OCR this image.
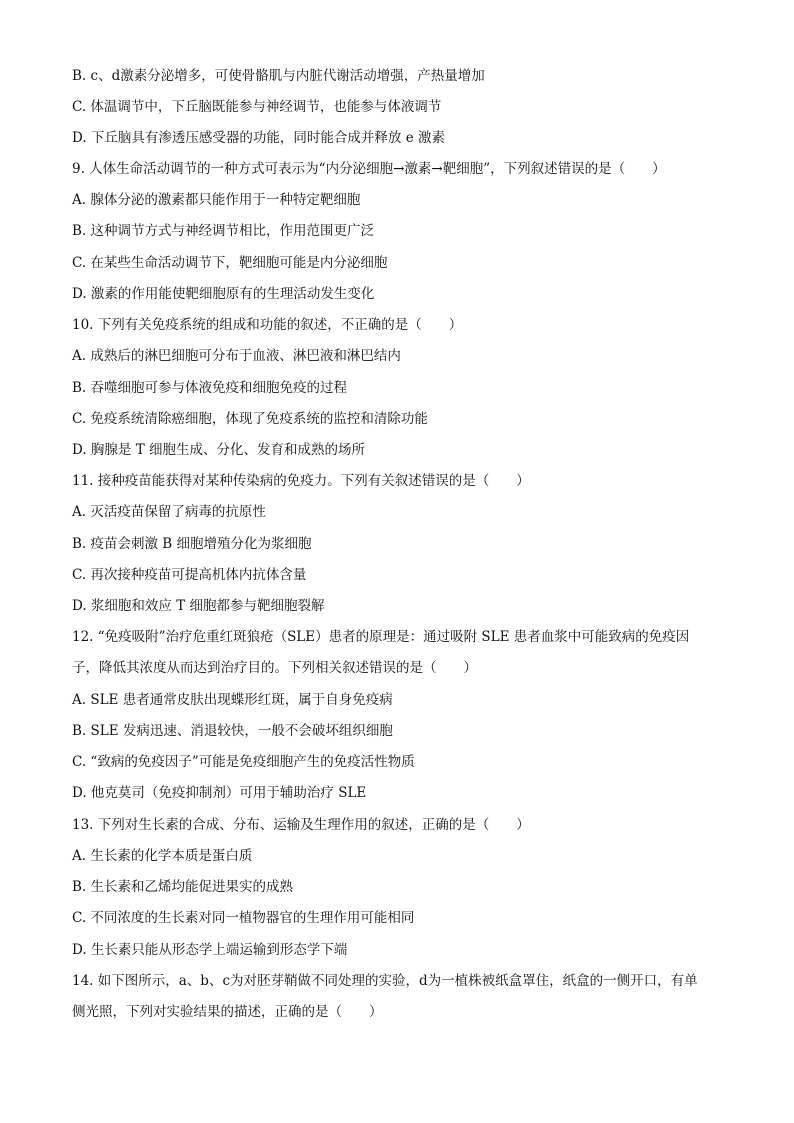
B. c、d激素分泌增多，可使骨骼肌与内脏代谢活动增强，产热量增加
C. 体温调节中，下丘脑既能参与神经调节，也能参与体液调节
D. 下丘脑具有渗透压感受器的功能，同时能合成并释放 e 激素
9. 人体生命活动调节的一种方式可表示为“内分泌细胞→激素→靶细胞”，下列叙述错误的是（　　）
A. 腺体分泌的激素都只能作用于一种特定靶细胞
B. 这种调节方式与神经调节相比，作用范围更广泛
C. 在某些生命活动调节下，靶细胞可能是内分泌细胞
D. 激素的作用能使靶细胞原有的生理活动发生变化
10. 下列有关免疫系统的组成和功能的叙述，不正确的是（　　）
A. 成熟后的淋巴细胞可分布于血液、淋巴液和淋巴结内
B. 吞噬细胞可参与体液免疫和细胞免疫的过程
C. 免疫系统清除癌细胞，体现了免疫系统的监控和清除功能
D. 胸腺是 T 细胞生成、分化、发育和成熟的场所
11. 接种疫苗能获得对某种传染病的免疫力。下列有关叙述错误的是（　　）
A. 灭活疫苗保留了病毒的抗原性
B. 疫苗会刺激 B 细胞增殖分化为浆细胞
C. 再次接种疫苗可提高机体内抗体含量
D. 浆细胞和效应 T 细胞都参与靶细胞裂解
12. “免疫吸附”治疗危重红斑狼疮（SLE）患者的原理是：通过吸附 SLE 患者血浆中可能致病的免疫因
子，降低其浓度从而达到治疗目的。下列相关叙述错误的是（　　）
A. SLE 患者通常皮肤出现蝶形红斑，属于自身免疫病
B. SLE 发病迅速、消退较快，一般不会破坏组织细胞
C. “致病的免疫因子”可能是免疫细胞产生的免疫活性物质
D. 他克莫司（免疫抑制剂）可用于辅助治疗 SLE
13. 下列对生长素的合成、分布、运输及生理作用的叙述，正确的是（　　）
A. 生长素的化学本质是蛋白质
B. 生长素和乙烯均能促进果实的成熟
C. 不同浓度的生长素对同一植物器官的生理作用可能相同
D. 生长素只能从形态学上端运输到形态学下端
14. 如下图所示，a、b、c为对胚芽鞘做不同处理的实验，d为一植株被纸盒罩住，纸盒的一侧开口，有单
侧光照，下列对实验结果的描述，正确的是（　　）
